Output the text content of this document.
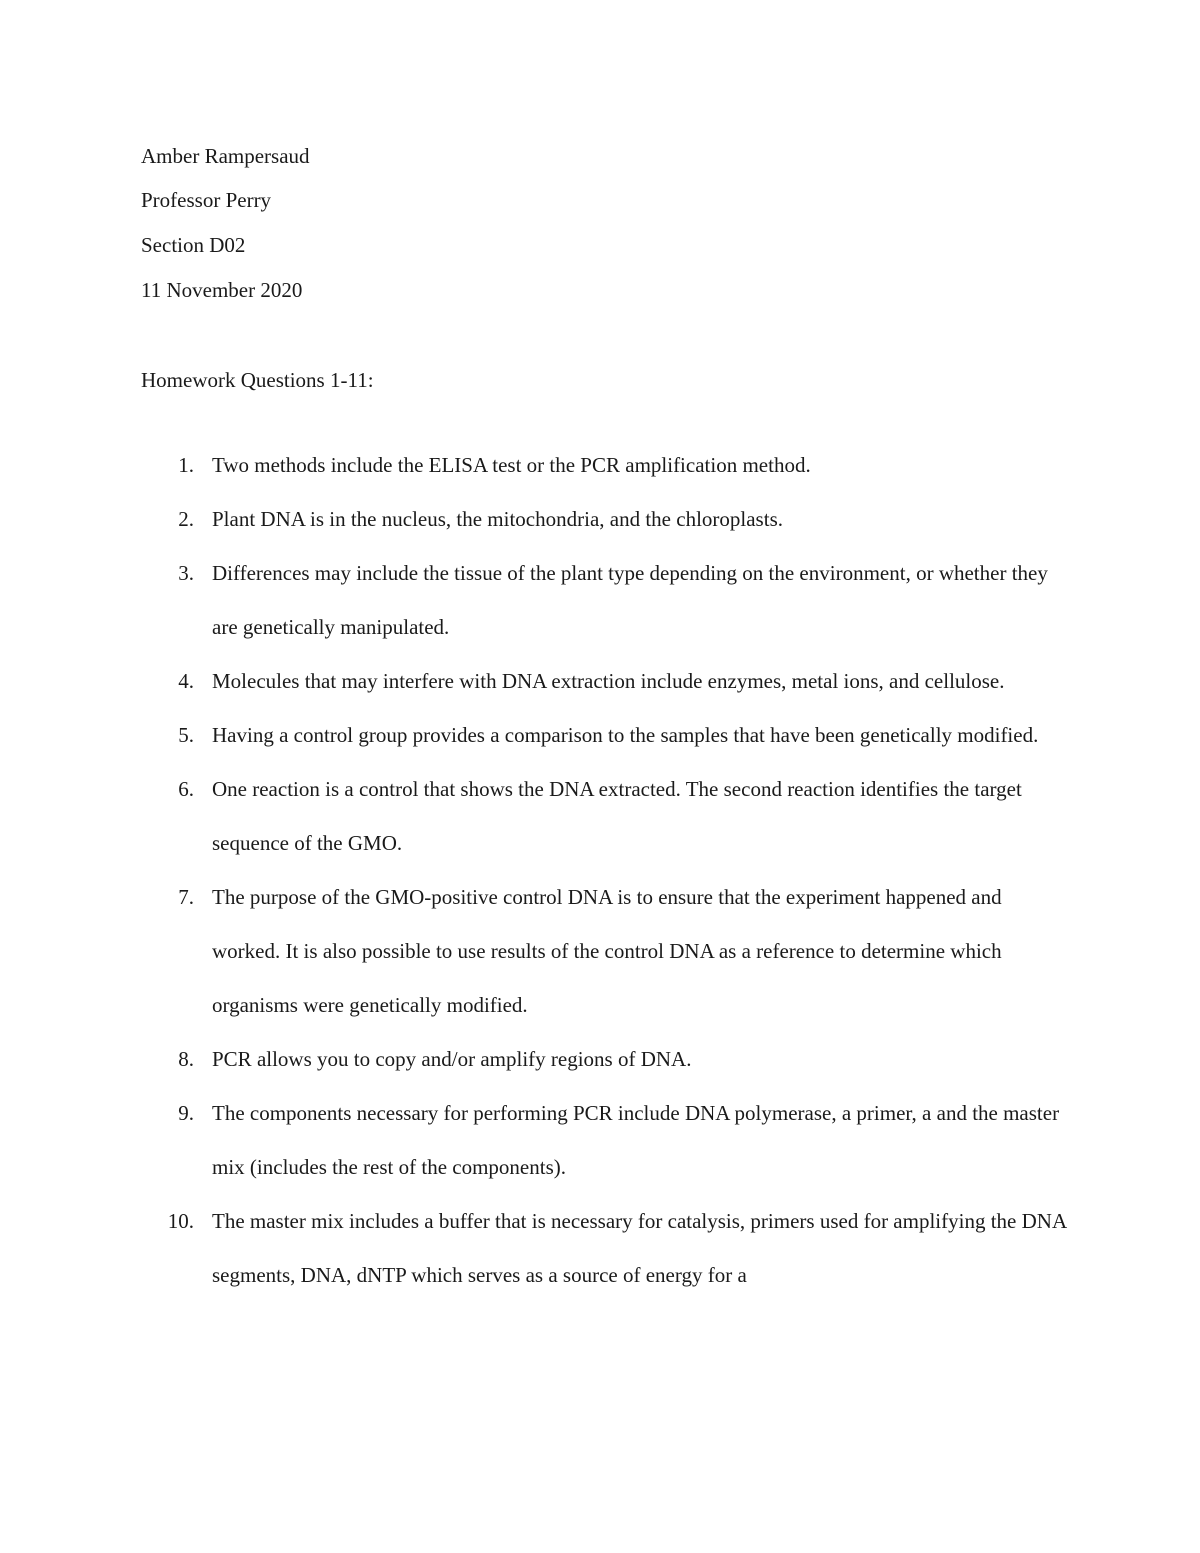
Amber Rampersaud
Professor Perry
Section D02
11 November 2020
Homework Questions 1-11:
1. Two methods include the ELISA test or the PCR amplification method.
2. Plant DNA is in the nucleus, the mitochondria, and the chloroplasts.
3. Differences may include the tissue of the plant type depending on the environment, or whether they are genetically manipulated.
4. Molecules that may interfere with DNA extraction include enzymes, metal ions, and cellulose.
5. Having a control group provides a comparison to the samples that have been genetically modified.
6. One reaction is a control that shows the DNA extracted. The second reaction identifies the target sequence of the GMO.
7. The purpose of the GMO-positive control DNA is to ensure that the experiment happened and worked. It is also possible to use results of the control DNA as a reference to determine which organisms were genetically modified.
8. PCR allows you to copy and/or amplify regions of DNA.
9. The components necessary for performing PCR include DNA polymerase, a primer, a and the master mix (includes the rest of the components).
10. The master mix includes a buffer that is necessary for catalysis, primers used for amplifying the DNA segments, DNA, dNTP which serves as a source of energy for a
